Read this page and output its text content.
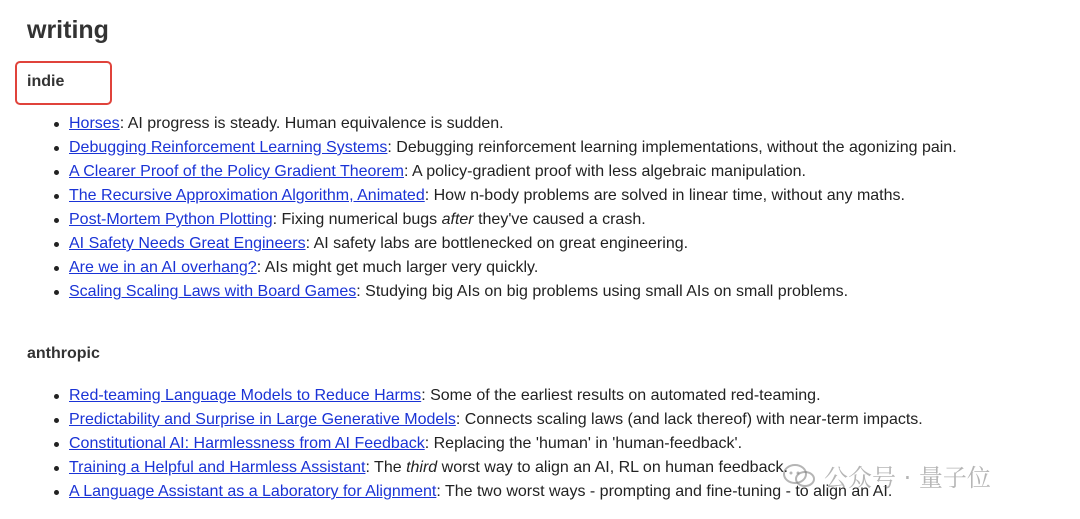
writing
indie
Horses: AI progress is steady. Human equivalence is sudden.
Debugging Reinforcement Learning Systems: Debugging reinforcement learning implementations, without the agonizing pain.
A Clearer Proof of the Policy Gradient Theorem: A policy-gradient proof with less algebraic manipulation.
The Recursive Approximation Algorithm, Animated: How n-body problems are solved in linear time, without any maths.
Post-Mortem Python Plotting: Fixing numerical bugs after they've caused a crash.
AI Safety Needs Great Engineers: AI safety labs are bottlenecked on great engineering.
Are we in an AI overhang?: AIs might get much larger very quickly.
Scaling Scaling Laws with Board Games: Studying big AIs on big problems using small AIs on small problems.
anthropic
Red-teaming Language Models to Reduce Harms: Some of the earliest results on automated red-teaming.
Predictability and Surprise in Large Generative Models: Connects scaling laws (and lack thereof) with near-term impacts.
Constitutional AI: Harmlessness from AI Feedback: Replacing the 'human' in 'human-feedback'.
Training a Helpful and Harmless Assistant: The third worst way to align an AI, RL on human feedback.
A Language Assistant as a Laboratory for Alignment: The two worst ways - prompting and fine-tuning - to align an AI.
公众号 · 量子位
